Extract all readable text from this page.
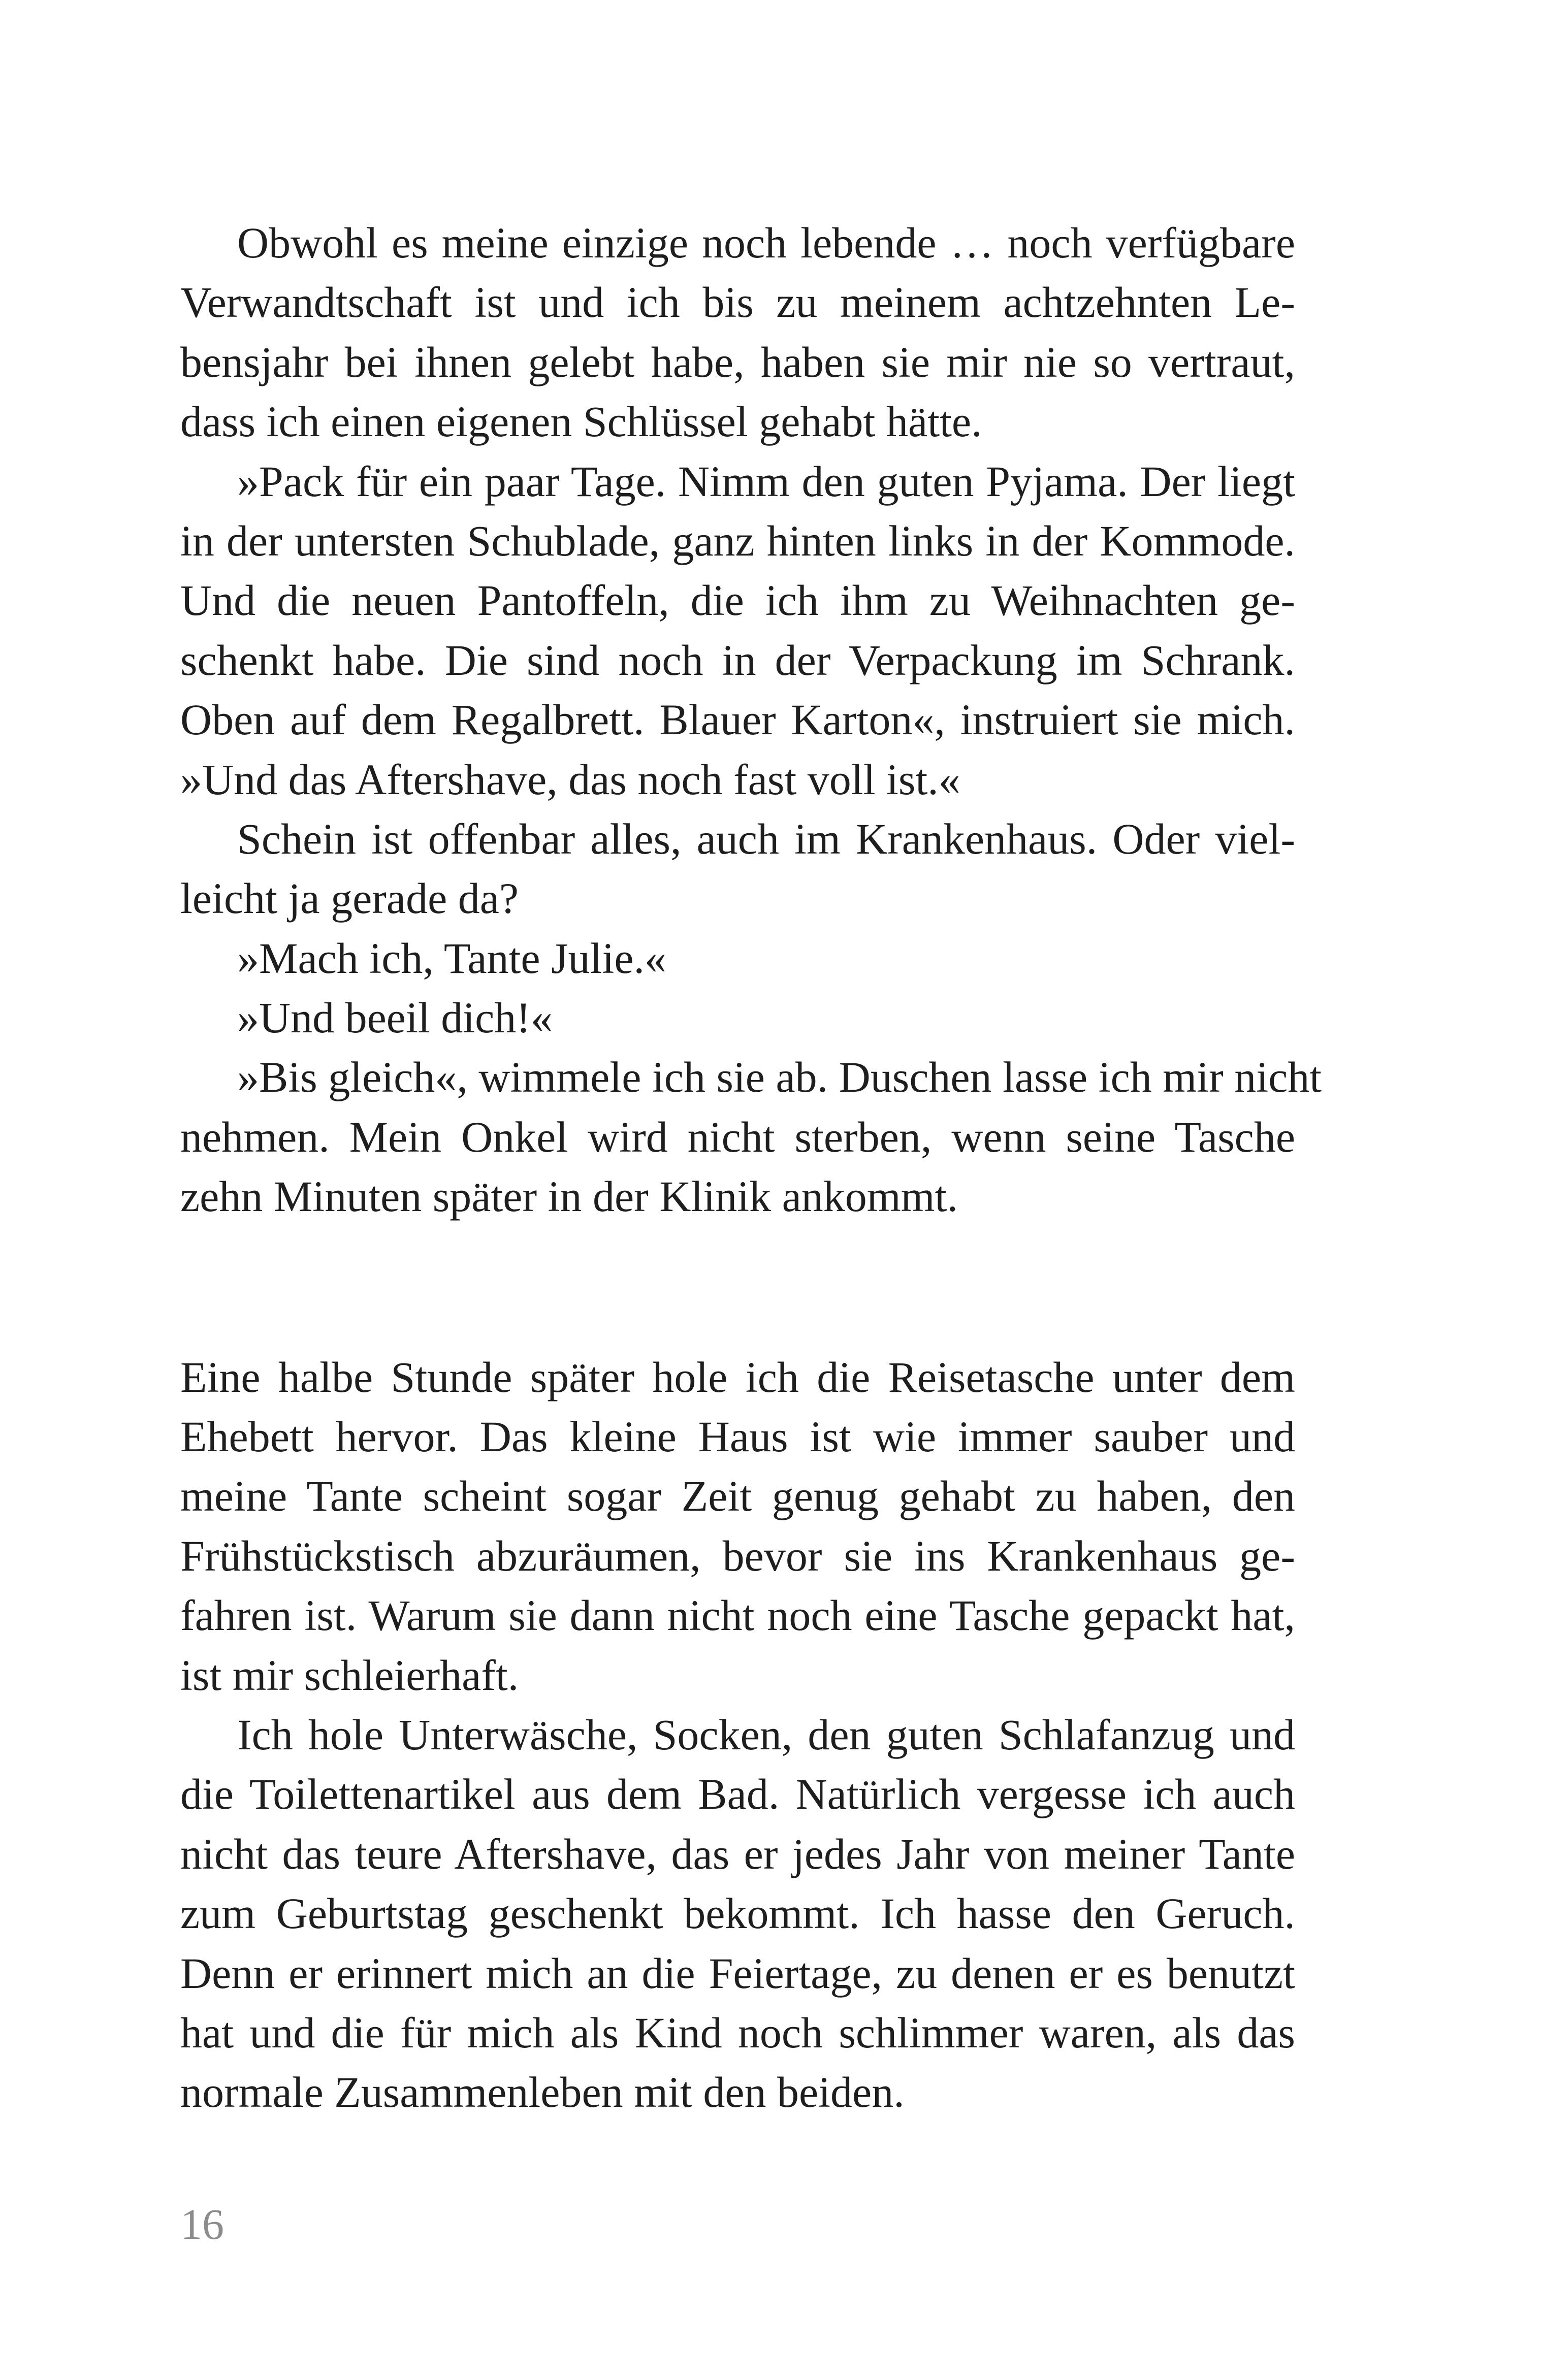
Obwohl es meine einzige noch lebende … noch verfügbare
Verwandtschaft ist und ich bis zu meinem achtzehnten Le-
bensjahr bei ihnen gelebt habe, haben sie mir nie so vertraut,
dass ich einen eigenen Schlüssel gehabt hätte.
»Pack für ein paar Tage. Nimm den guten Pyjama. Der liegt
in der untersten Schublade, ganz hinten links in der Kommode.
Und die neuen Pantoffeln, die ich ihm zu Weihnachten ge-
schenkt habe. Die sind noch in der Verpackung im Schrank.
Oben auf dem Regalbrett. Blauer Karton«, instruiert sie mich.
»Und das Aftershave, das noch fast voll ist.«
Schein ist offenbar alles, auch im Krankenhaus. Oder viel-
leicht ja gerade da?
»Mach ich, Tante Julie.«
»Und beeil dich!«
»Bis gleich«, wimmele ich sie ab. Duschen lasse ich mir nicht
nehmen. Mein Onkel wird nicht sterben, wenn seine Tasche
zehn Minuten später in der Klinik ankommt.
Eine halbe Stunde später hole ich die Reisetasche unter dem
Ehebett hervor. Das kleine Haus ist wie immer sauber und
meine Tante scheint sogar Zeit genug gehabt zu haben, den
Frühstückstisch abzuräumen, bevor sie ins Krankenhaus ge-
fahren ist. Warum sie dann nicht noch eine Tasche gepackt hat,
ist mir schleierhaft.
Ich hole Unterwäsche, Socken, den guten Schlafanzug und
die Toilettenartikel aus dem Bad. Natürlich vergesse ich auch
nicht das teure Aftershave, das er jedes Jahr von meiner Tante
zum Geburtstag geschenkt bekommt. Ich hasse den Geruch.
Denn er erinnert mich an die Feiertage, zu denen er es benutzt
hat und die für mich als Kind noch schlimmer waren, als das
normale Zusammenleben mit den beiden.
16
